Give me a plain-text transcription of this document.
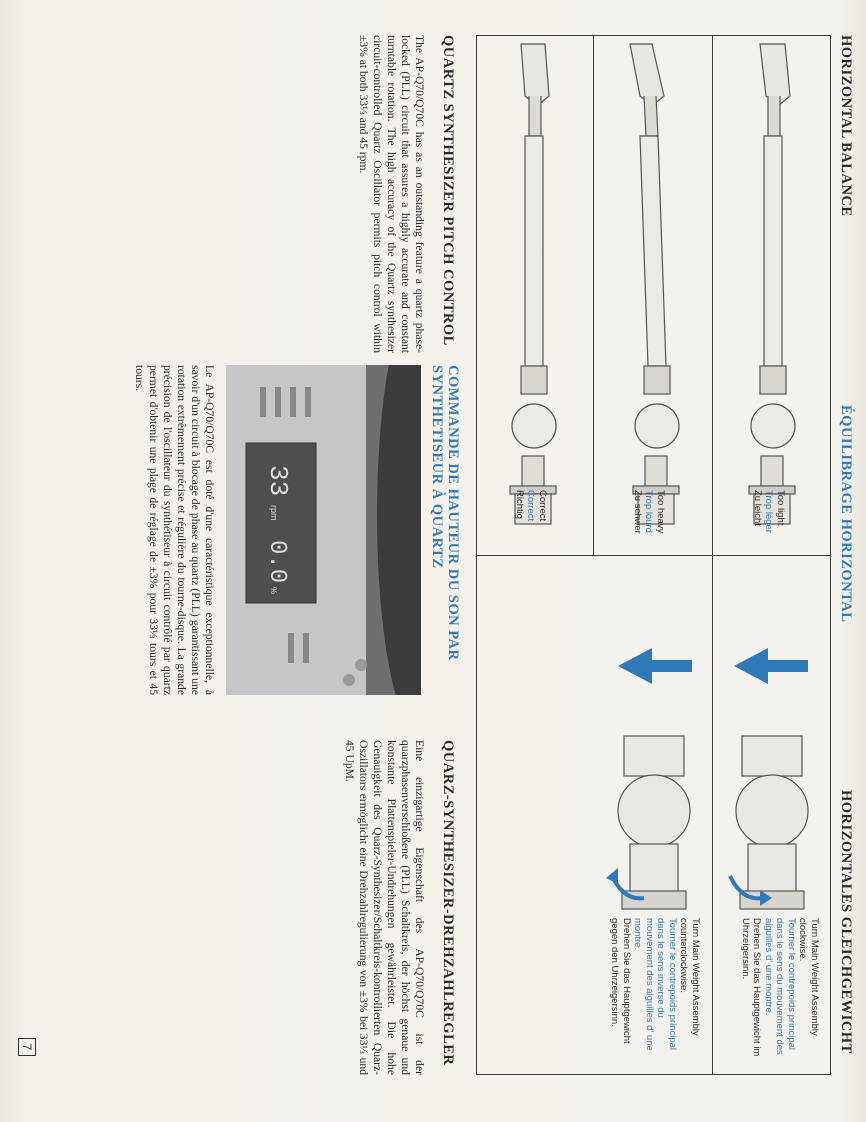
HORIZONTAL BALANCE
ÉQUILIBRAGE HORIZONTAL
HORIZONTALES GLEICHGEWICHT
Too light
Trop léger
Zu leicht
Too heavy
Trop lourd
Zu schwer
Correct
Correct
Richtig
Turn Main Weight Assembly clockwise.
Tourner le contrepoids principal dans le sens du mouvement des aiguilles d' une montre.
Drehen Sie das Hauptgewicht im Uhrzeigersinn.
Turn Main Weight Assembly counterclockwise.
Tourner le contrepoids principal dans le sens inverse du mouvement des aiguilles d' une montre.
Drehen Sie das Hauptgewicht gegen den Uhrzeigersinn.
QUARTZ SYNTHESIZER PITCH CONTROL
COMMANDE DE HAUTEUR DU SON PAR
SYNTHETISEUR À QUARTZ
QUARZ-SYNTHESIZER-DREHZAHLREGLER
The AP-Q70/Q70C has as an outstanding feature a quartz phase-locked (PLL) circuit that assures a highly accurate and constant turntable rotation. The high accuracy of the Quartz synthesizer circuit-controlled Quartz Oscillator permits pitch control within ±3% at both 33⅓ and 45 rpm.
33
rpm
0.0
%
Le AP-Q70/Q70C est doté d'une caractéristique exceptionnelle, à savoir d'un circuit à blocage de phase au quartz (PLL) garantissant une rotation extrêmement précise et régulière du tourne-disque. La grande précision de l'oscillateur du synthétiseur à circuit contrôlé par quartz permet d'obtenir une plage de réglage de ±3% pour 33⅓ tours et 45 tours.
Eine einzigartige Eigenschaft des AP-Q70/Q70C ist der quarzphasenverschloßene (PLL) Schaltkreis, der höchst genaue und konstante Plattenspieler-Undrehungen gewährleistet. Die hohe Genauigkeit des Quarz-Synthesizer/Schaltkreis-kontrollierten Quarz-Oszillators ermöglicht eine Drehzahlregulierung von ±3% bei 33⅓ und 45 UpM.
7
